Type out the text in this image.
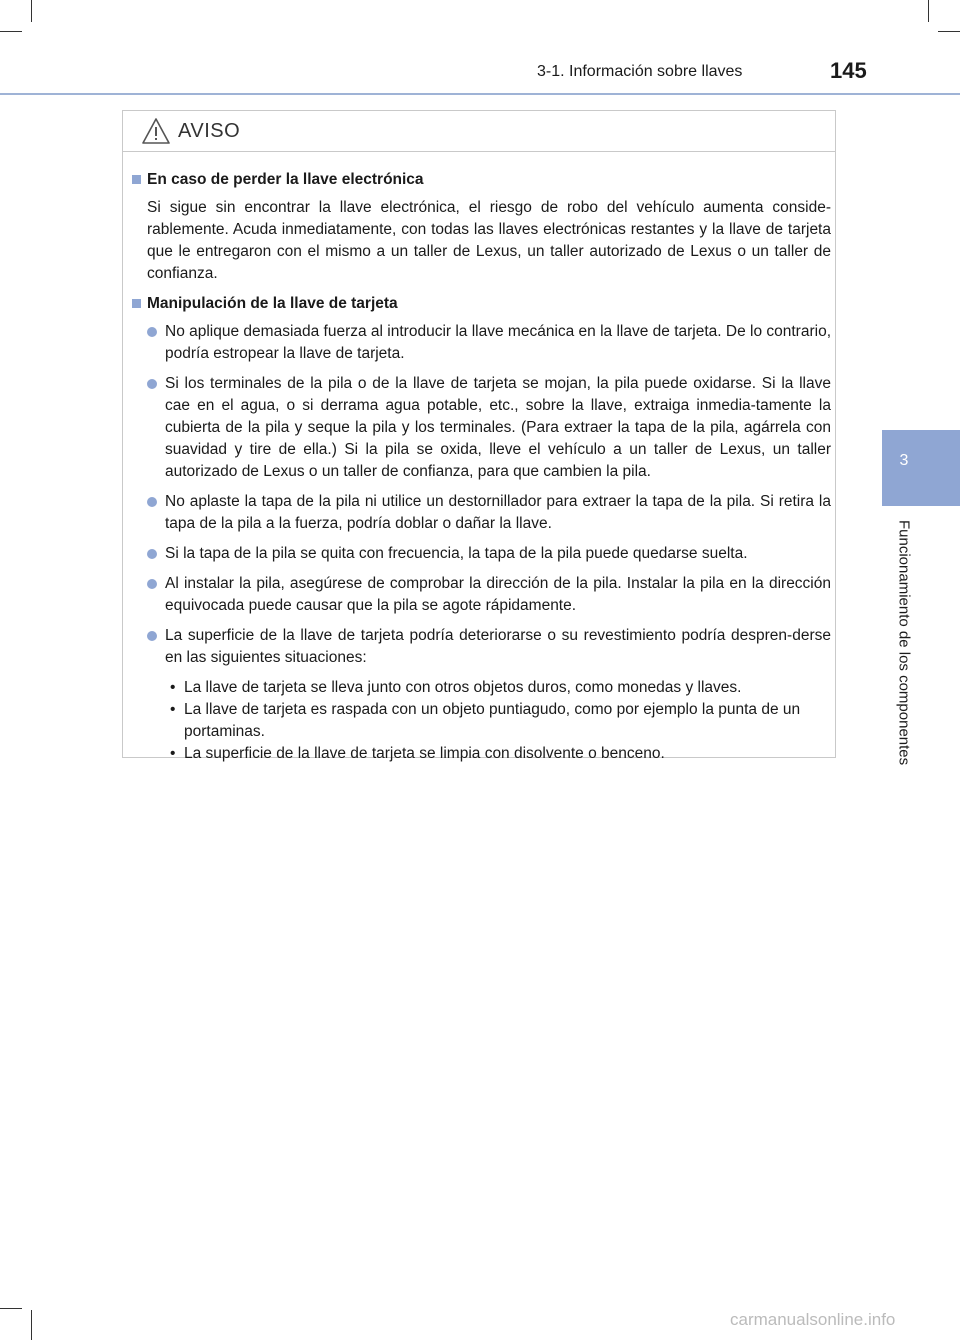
3-1. Información sobre llaves	145
3
Funcionamiento de los componentes
AVISO
En caso de perder la llave electrónica
Si sigue sin encontrar la llave electrónica, el riesgo de robo del vehículo aumenta conside-rablemente. Acuda inmediatamente, con todas las llaves electrónicas restantes y la llave de tarjeta que le entregaron con el mismo a un taller de Lexus, un taller autorizado de Lexus o un taller de confianza.
Manipulación de la llave de tarjeta
No aplique demasiada fuerza al introducir la llave mecánica en la llave de tarjeta. De lo contrario, podría estropear la llave de tarjeta.
Si los terminales de la pila o de la llave de tarjeta se mojan, la pila puede oxidarse. Si la llave cae en el agua, o si derrama agua potable, etc., sobre la llave, extraiga inmedia-tamente la cubierta de la pila y seque la pila y los terminales. (Para extraer la tapa de la pila, agárrela con suavidad y tire de ella.) Si la pila se oxida, lleve el vehículo a un taller de Lexus, un taller autorizado de Lexus o un taller de confianza, para que cambien la pila.
No aplaste la tapa de la pila ni utilice un destornillador para extraer la tapa de la pila. Si retira la tapa de la pila a la fuerza, podría doblar o dañar la llave.
Si la tapa de la pila se quita con frecuencia, la tapa de la pila puede quedarse suelta.
Al instalar la pila, asegúrese de comprobar la dirección de la pila. Instalar la pila en la dirección equivocada puede causar que la pila se agote rápidamente.
La superficie de la llave de tarjeta podría deteriorarse o su revestimiento podría despren-derse en las siguientes situaciones:
• La llave de tarjeta se lleva junto con otros objetos duros, como monedas y llaves.
• La llave de tarjeta es raspada con un objeto puntiagudo, como por ejemplo la punta de un portaminas.
• La superficie de la llave de tarjeta se limpia con disolvente o benceno.
carmanualsonline.info
